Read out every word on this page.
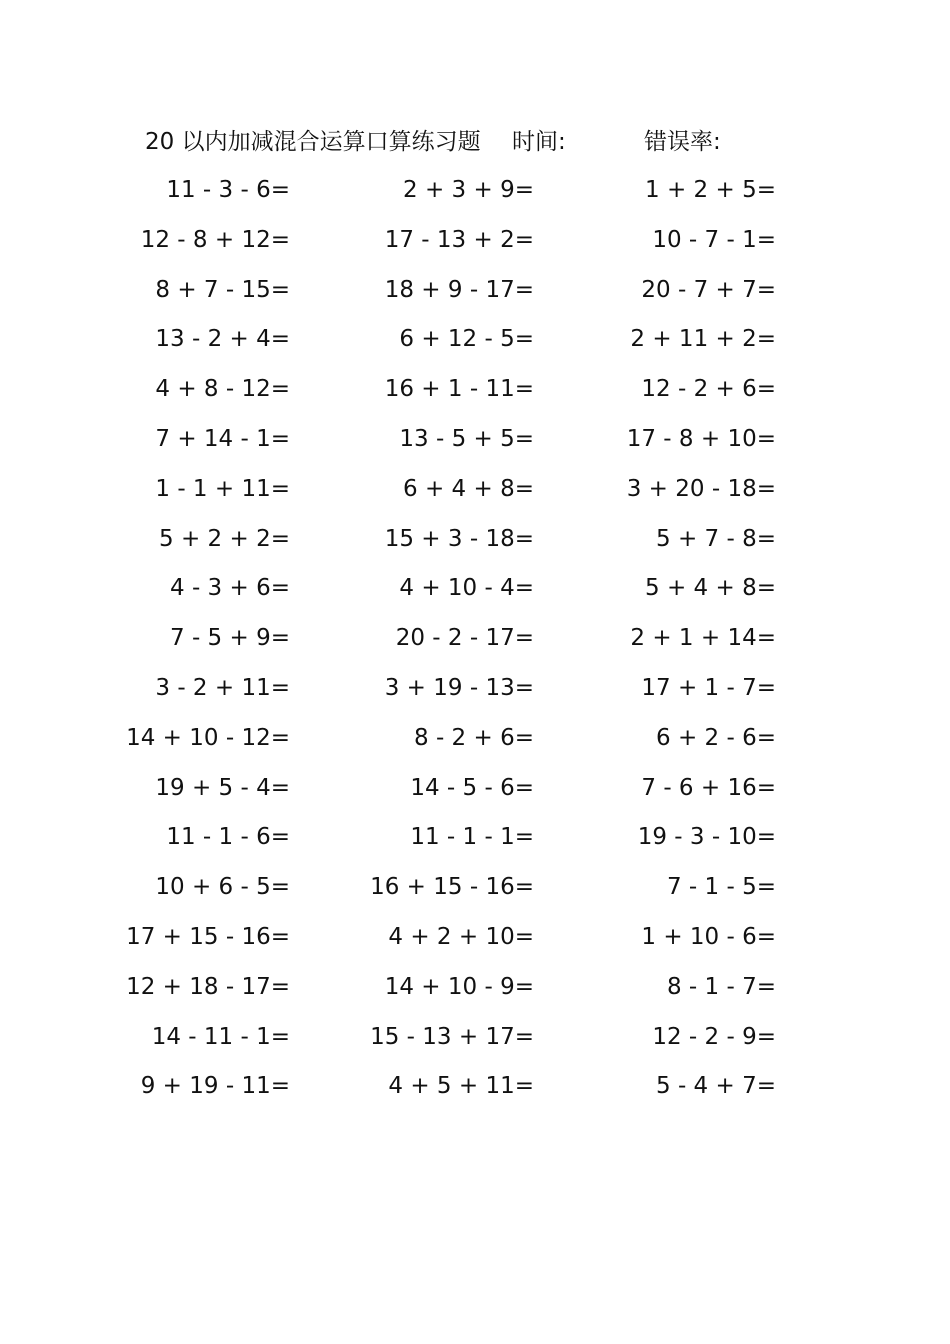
20 以内加减混合运算口算练习题 时间:	错误率:
11 - 3 - 6=	2 + 3 + 9=	1 + 2 + 5=
12 - 8 + 12=	17 - 13 + 2=	10 - 7 - 1=
8 + 7 - 15=	18 + 9 - 17=	20 - 7 + 7=
13 - 2 + 4=	6 + 12 - 5=	2 + 11 + 2=
4 + 8 - 12=	16 + 1 - 11=	12 - 2 + 6=
7 + 14 - 1=	13 - 5 + 5=	17 - 8 + 10=
1 - 1 + 11=	6 + 4 + 8=	3 + 20 - 18=
5 + 2 + 2=	15 + 3 - 18=	5 + 7 - 8=
4 - 3 + 6=	4 + 10 - 4=	5 + 4 + 8=
7 - 5 + 9=	20 - 2 - 17=	2 + 1 + 14=
3 - 2 + 11=	3 + 19 - 13=	17 + 1 - 7=
14 + 10 - 12=	8 - 2 + 6=	6 + 2 - 6=
19 + 5 - 4=	14 - 5 - 6=	7 - 6 + 16=
11 - 1 - 6=	11 - 1 - 1=	19 - 3 - 10=
10 + 6 - 5=	16 + 15 - 16=	7 - 1 - 5=
17 + 15 - 16=	4 + 2 + 10=	1 + 10 - 6=
12 + 18 - 17=	14 + 10 - 9=	8 - 1 - 7=
14 - 11 - 1=	15 - 13 + 17=	12 - 2 - 9=
9 + 19 - 11=	4 + 5 + 11=	5 - 4 + 7=
